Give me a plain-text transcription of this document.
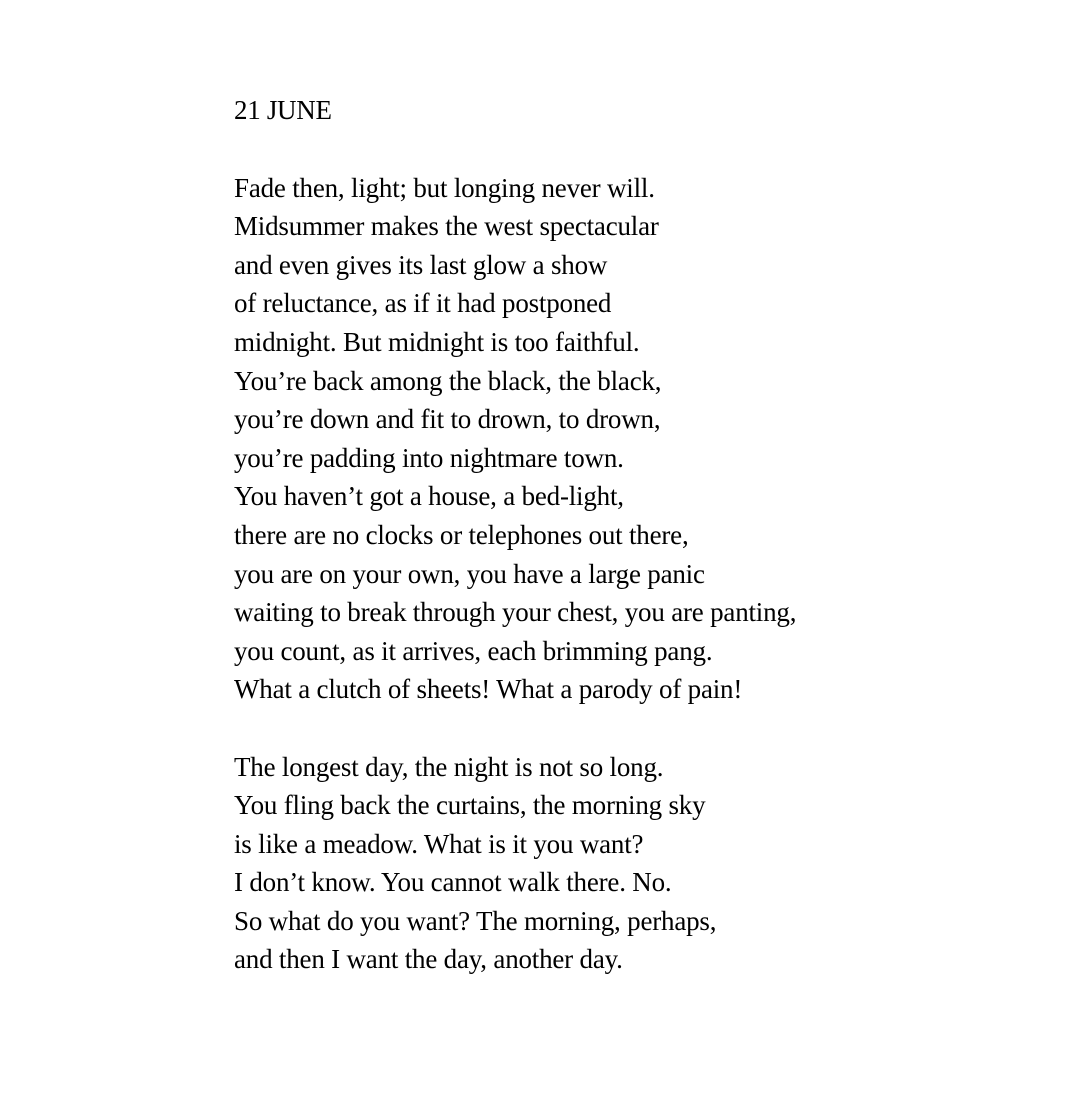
21 JUNE
Fade then, light; but longing never will.
Midsummer makes the west spectacular
and even gives its last glow a show
of reluctance, as if it had postponed
midnight. But midnight is too faithful.
You’re back among the black, the black,
you’re down and fit to drown, to drown,
you’re padding into nightmare town.
You haven’t got a house, a bed-light,
there are no clocks or telephones out there,
you are on your own, you have a large panic
waiting to break through your chest, you are panting,
you count, as it arrives, each brimming pang.
What a clutch of sheets! What a parody of pain!
The longest day, the night is not so long.
You fling back the curtains, the morning sky
is like a meadow. What is it you want?
I don’t know. You cannot walk there. No.
So what do you want? The morning, perhaps,
and then I want the day, another day.
